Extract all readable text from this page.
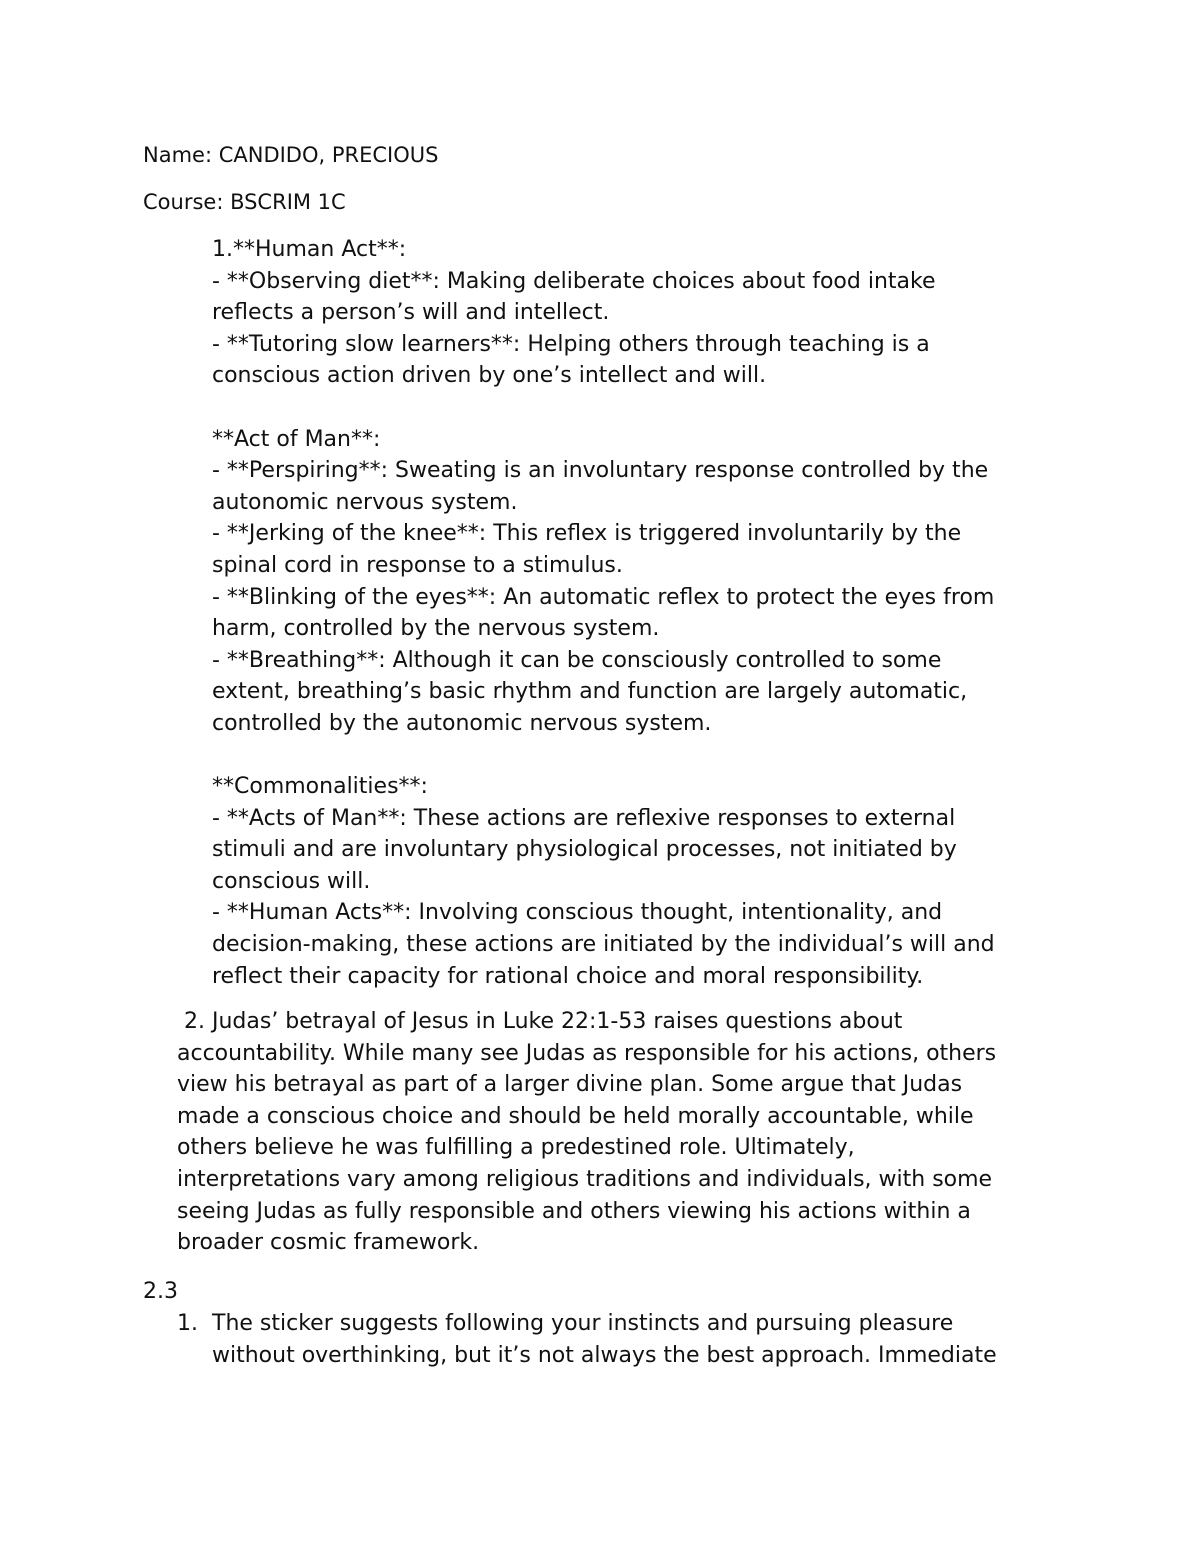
Name: CANDIDO, PRECIOUS

Course: BSCRIM 1C

1.**Human Act**:

- **Observing diet**: Making deliberate choices about food intake

reflects a person’s will and intellect.

- **Tutoring slow learners**: Helping others through teaching is a

conscious action driven by one’s intellect and will.

**Act of Man**:

- **Perspiring**: Sweating is an involuntary response controlled by the

autonomic nervous system.

- **Jerking of the knee**: This reflex is triggered involuntarily by the

spinal cord in response to a stimulus.

- **Blinking of the eyes**: An automatic reflex to protect the eyes from

harm, controlled by the nervous system.

- **Breathing**: Although it can be consciously controlled to some

extent, breathing’s basic rhythm and function are largely automatic,

controlled by the autonomic nervous system.

**Commonalities**:

- **Acts of Man**: These actions are reflexive responses to external

stimuli and are involuntary physiological processes, not initiated by

conscious will.

- **Human Acts**: Involving conscious thought, intentionality, and

decision-making, these actions are initiated by the individual’s will and

reflect their capacity for rational choice and moral responsibility.

2. Judas’ betrayal of Jesus in Luke 22:1-53 raises questions about

accountability. While many see Judas as responsible for his actions, others

view his betrayal as part of a larger divine plan. Some argue that Judas

made a conscious choice and should be held morally accountable, while

others believe he was fulfilling a predestined role. Ultimately,

interpretations vary among religious traditions and individuals, with some

seeing Judas as fully responsible and others viewing his actions within a

broader cosmic framework.

2.3

1. The sticker suggests following your instincts and pursuing pleasure

without overthinking, but it’s not always the best approach. Immediate
